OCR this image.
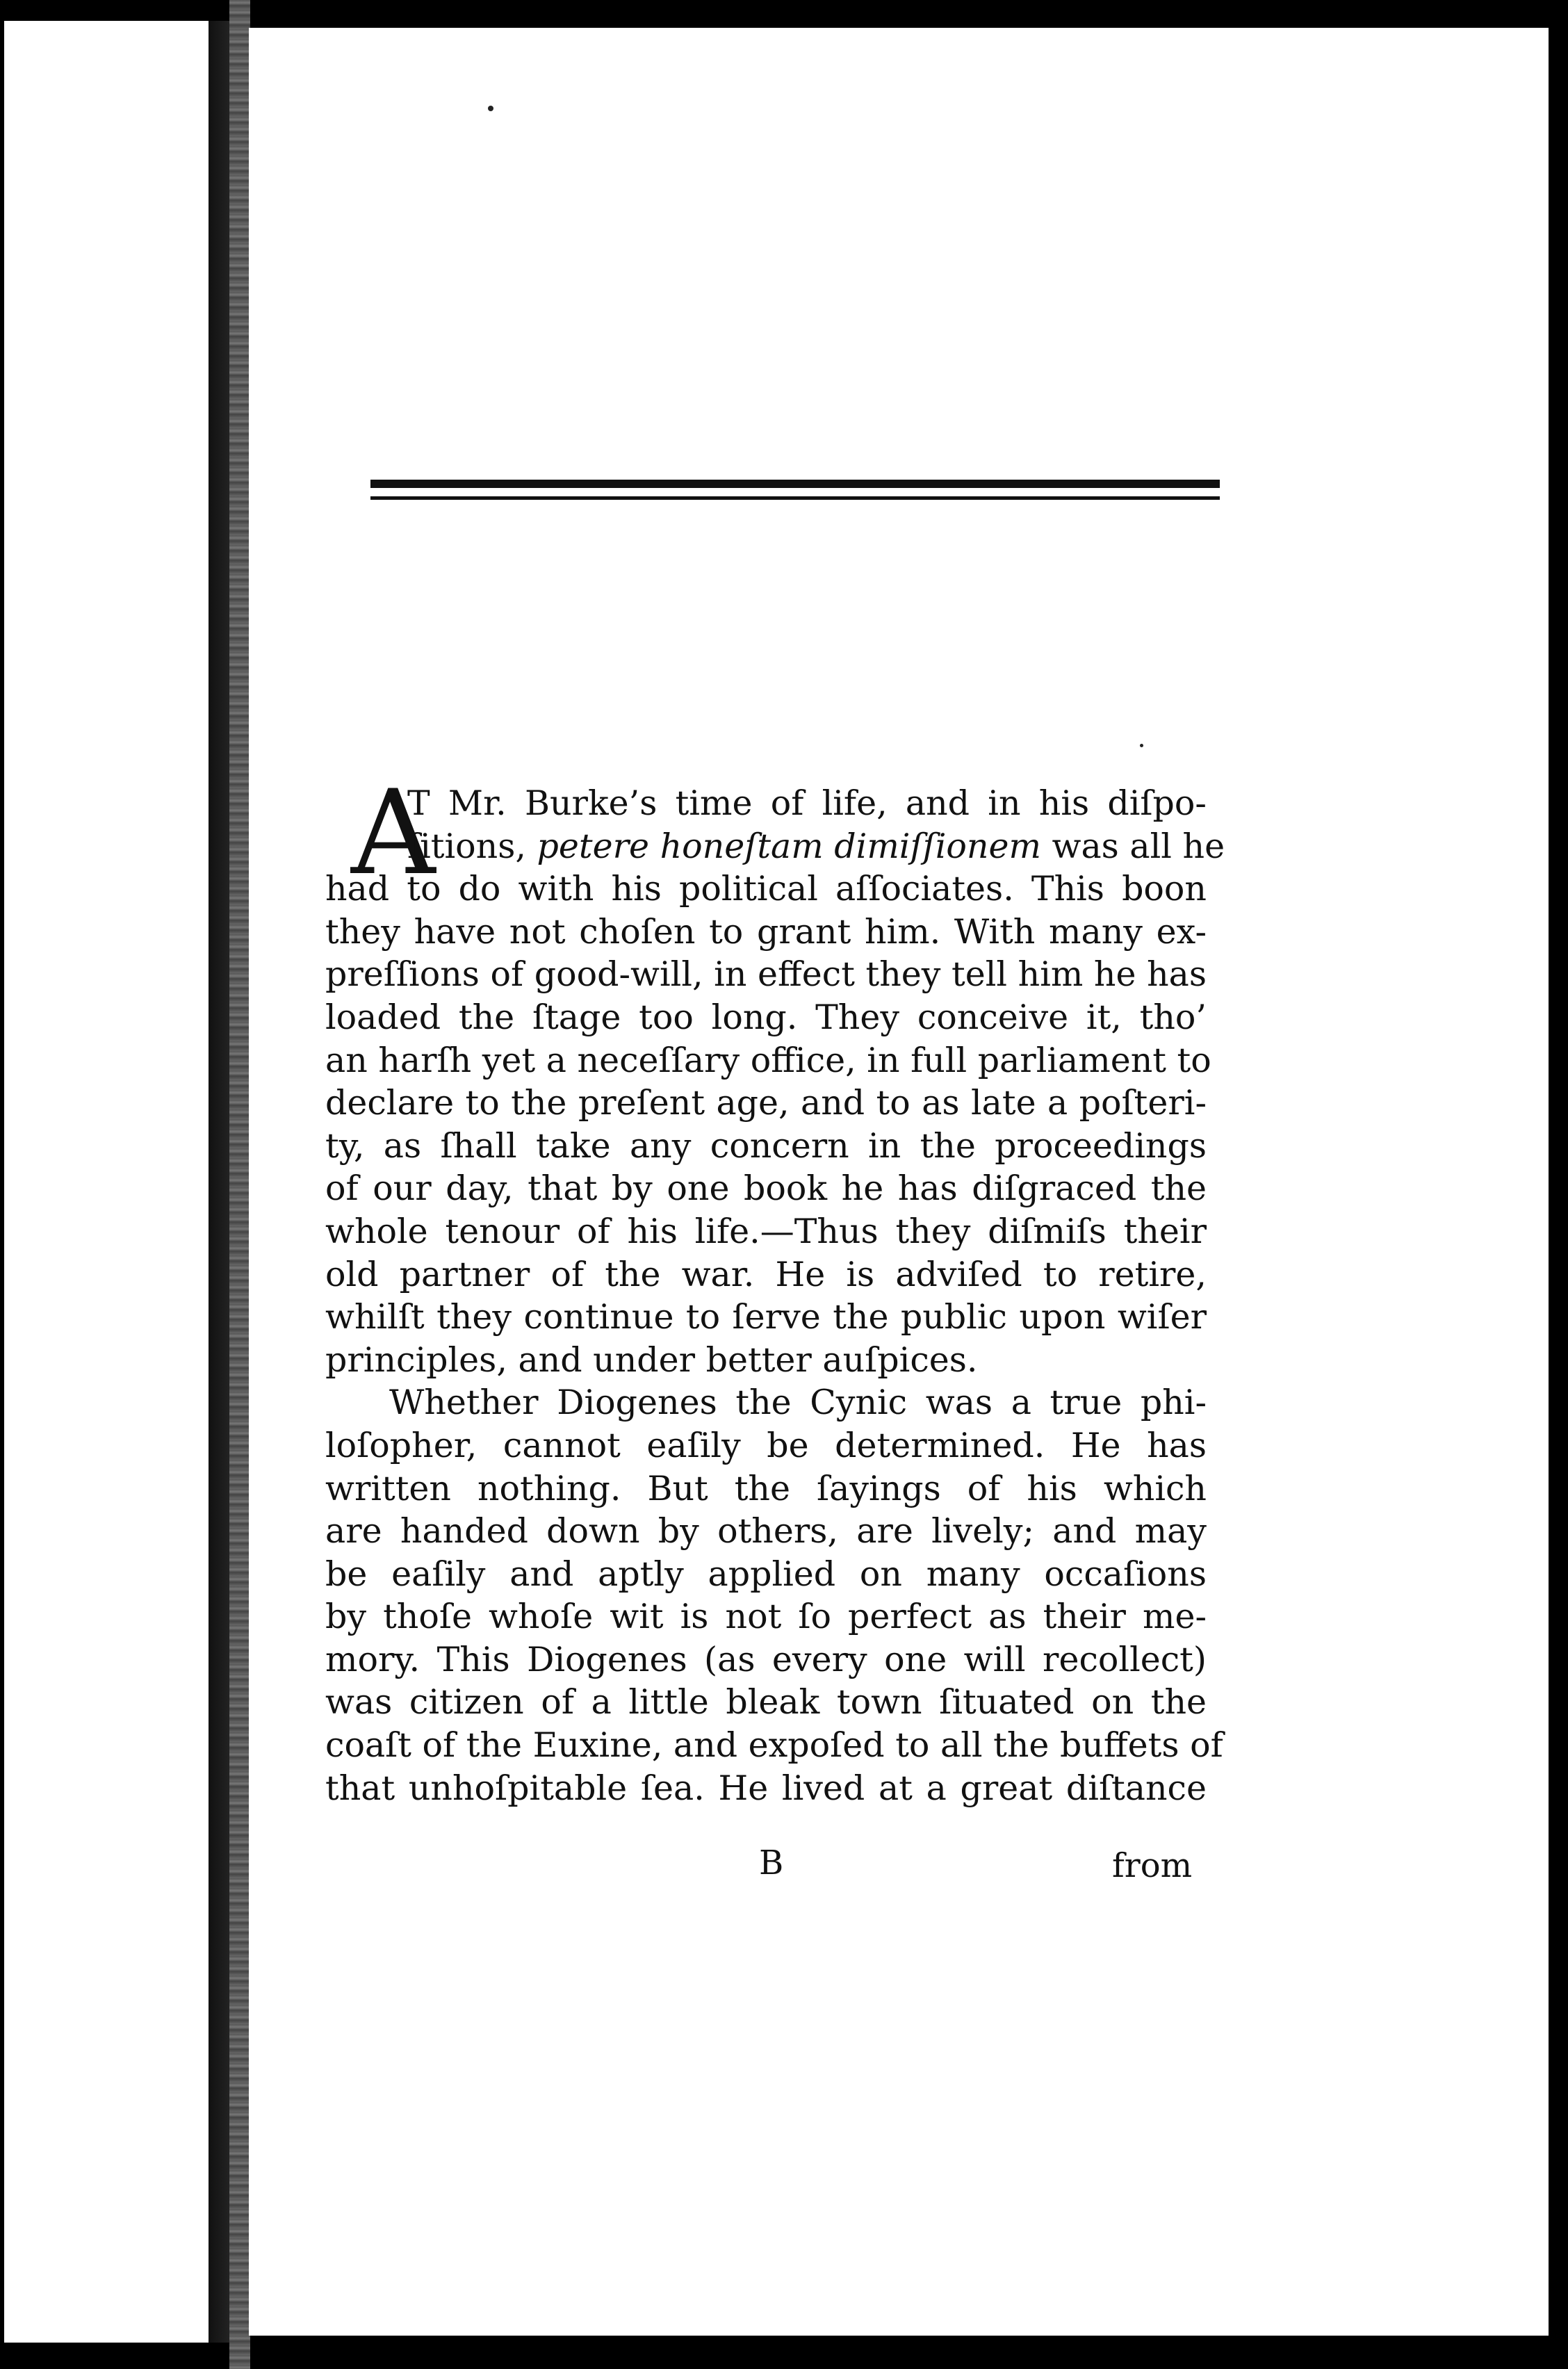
A
T Mr. Burke’s time of life, and in his diſpo-
ſitions, petere honeſtam dimiſſionem was all he
had to do with his political aſſociates. This boon
they have not choſen to grant him. With many ex-
preſſions of good-will, in effect they tell him he has
loaded the ſtage too long. They conceive it, tho’
an harſh yet a neceſſary office, in full parliament to
declare to the preſent age, and to as late a poſteri-
ty, as ſhall take any concern in the proceedings
of our day, that by one book he has diſgraced the
whole tenour of his life.—Thus they diſmiſs their
old partner of the war. He is adviſed to retire,
whilſt they continue to ſerve the public upon wiſer
principles, and under better auſpices.
Whether Diogenes the Cynic was a true phi-
loſopher, cannot eaſily be determined. He has
written nothing. But the ſayings of his which
are handed down by others, are lively; and may
be eaſily and aptly applied on many occaſions
by thoſe whoſe wit is not ſo perfect as their me-
mory. This Diogenes (as every one will recollect)
was citizen of a little bleak town ſituated on the
coaſt of the Euxine, and expoſed to all the buffets of
that unhoſpitable ſea. He lived at a great diſtance
B	from
